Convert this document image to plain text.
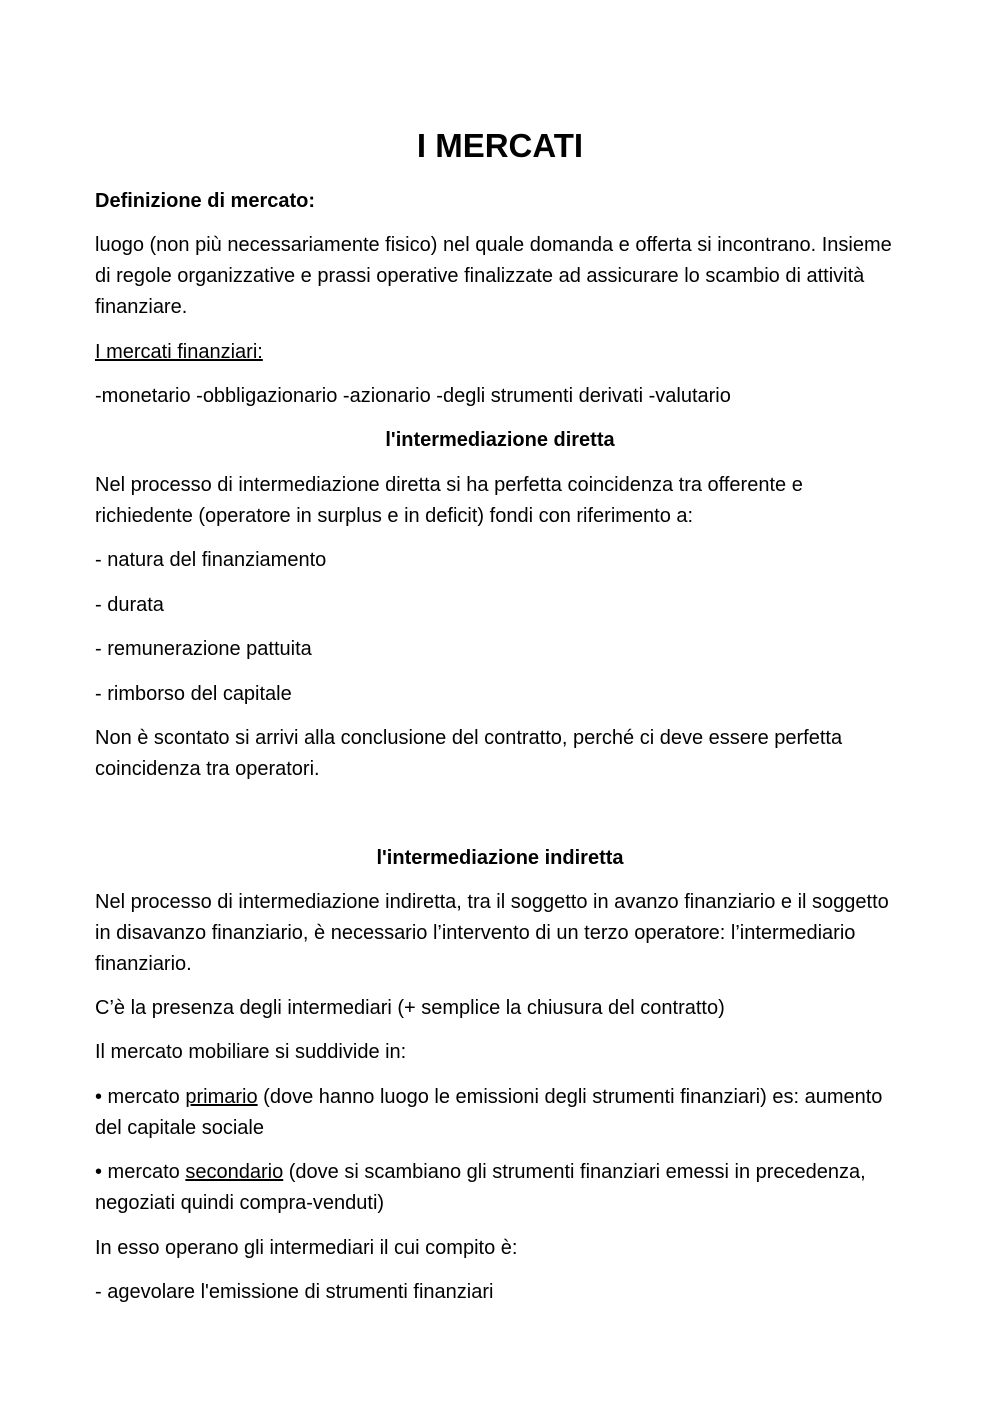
I MERCATI

Definizione di mercato:

luogo (non più necessariamente fisico) nel quale domanda e offerta si incontrano. Insieme di regole organizzative e prassi operative finalizzate ad assicurare lo scambio di attività finanziare.

I mercati finanziari:

-monetario -obbligazionario -azionario -degli strumenti derivati -valutario

l'intermediazione diretta

Nel processo di intermediazione diretta si ha perfetta coincidenza tra offerente e richiedente (operatore in surplus e in deficit) fondi con riferimento a:

- natura del finanziamento

- durata

- remunerazione pattuita

- rimborso del capitale

Non è scontato si arrivi alla conclusione del contratto, perché ci deve essere perfetta coincidenza tra operatori.

l'intermediazione indiretta

Nel processo di intermediazione indiretta, tra il soggetto in avanzo finanziario e il soggetto in disavanzo finanziario, è necessario l’intervento di un terzo operatore: l’intermediario finanziario.

C’è la presenza degli intermediari (+ semplice la chiusura del contratto)

Il mercato mobiliare si suddivide in:

• mercato primario (dove hanno luogo le emissioni degli strumenti finanziari) es: aumento del capitale sociale

• mercato secondario (dove si scambiano gli strumenti finanziari emessi in precedenza, negoziati quindi compra-venduti)

In esso operano gli intermediari il cui compito è:

- agevolare l'emissione di strumenti finanziari
